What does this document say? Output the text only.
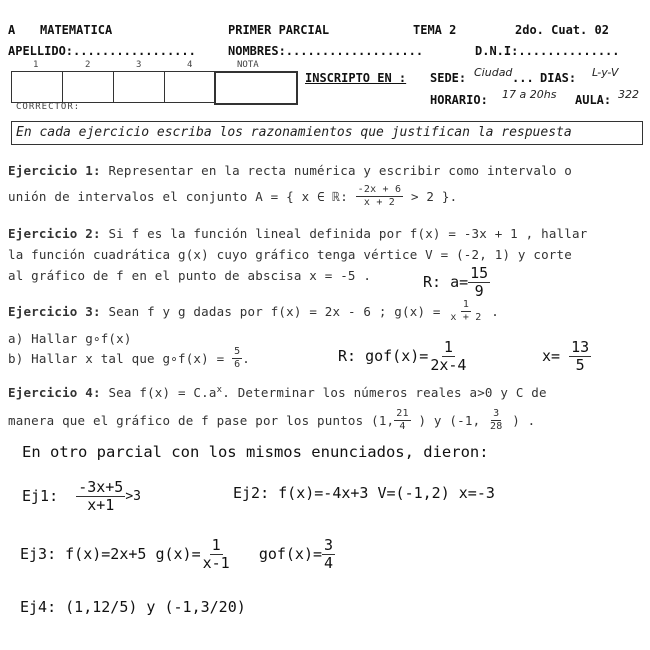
A MATEMATICA	PRIMER PARCIAL	TEMA 2	2do. Cuat. 02
APELLIDO:.................	NOMBRES:...................	D.N.I:..............
1	2	3	4	NOTA
CORRECTOR:
INSCRIPTO EN : SEDE: Ciudad ... DIAS: L-y-V
HORARIO: 17 a 20hs AULA: 322
En cada ejercicio escriba los razonamientos que justifican la respuesta
Ejercicio 1: Representar en la recta numérica y escribir como intervalo o
unión de intervalos el conjunto A = { x ∈ ℝ:
$\frac{-2x + 6}{x + 2}$
> 2 }.
Ejercicio 2: Si f es la función lineal definida por f(x) = -3x + 1 , hallar
la función cuadrática g(x) cuyo gráfico tenga vértice V = (-2, 1) y corte
al gráfico de f en el punto de abscisa x = -5 .	R: $a= \frac{15}{9}$
Ejercicio 3:
Sean f y g dadas por f(x) = 2x - 6 ; g(x) =
$\frac{1}{x + 2}$
.
a) Hallar g∘f(x)
b) Hallar x tal que g∘f(x) =
$\frac{5}{6}$ .	R: $gof(x)= \frac{1}{2x-4}$	x=
$\frac{13}{5}$
Ejercicio 4: Sea $f(x) = C.a^x$. Determinar los números reales a>0 y C de
manera que el gráfico de f pase por los puntos (1, $\frac{21}{4}$
) y (-1,
$\frac{3}{28}$
) .
En otro parcial con los mismos enunciados, dieron:
Ej1:
$\frac{-3x+5}{x+1} >3$	Ej2: f(x)=-4x+3 V=(-1,2) x=-3
Ej3: f(x)=2x+5 $g(x)= \frac{1}{x-1}$
$gof(x)= \frac{3}{4}$
Ej4: (1,12/5) y (-1,3/20)
